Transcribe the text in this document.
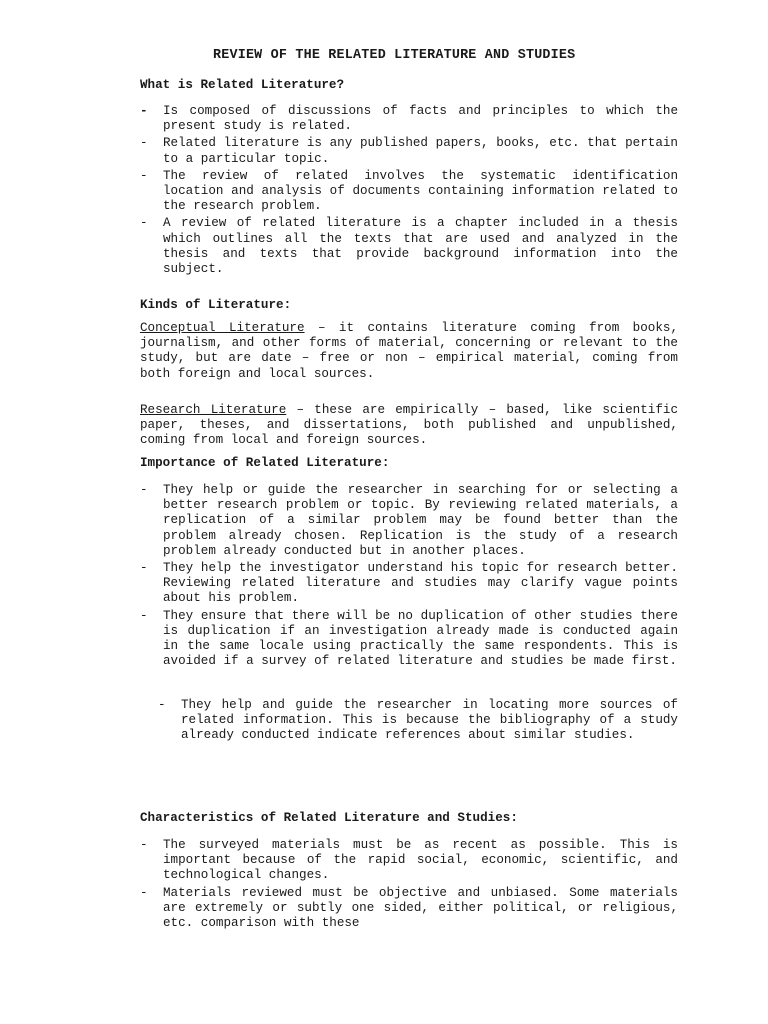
REVIEW OF THE RELATED LITERATURE AND STUDIES
What is Related Literature?
- Is composed of discussions of facts and principles to which the present study is related.
- Related literature is any published papers, books, etc. that pertain to a particular topic.
- The review of related involves the systematic identification location and analysis of documents containing information related to the research problem.
- A review of related literature is a chapter included in a thesis which outlines all the texts that are used and analyzed in the thesis and texts that provide background information into the subject.
Kinds of Literature:

Conceptual Literature – it contains literature coming from books, journalism, and other forms of material, concerning or relevant to the study, but are date – free or non – empirical material, coming from both foreign and local sources.

Research Literature – these are empirically – based, like scientific paper, theses, and dissertations, both published and unpublished, coming from local and foreign sources.

Importance of Related Literature:
- They help or guide the researcher in searching for or selecting a better research problem or topic. By reviewing related materials, a replication of a similar problem may be found better than the problem already chosen. Replication is the study of a research problem already conducted but in another places.
- They help the investigator understand his topic for research better. Reviewing related literature and studies may clarify vague points about his problem.
- They ensure that there will be no duplication of other studies there is duplication if an investigation already made is conducted again in the same locale using practically the same respondents. This is avoided if a survey of related literature and studies be made first.
- They help and guide the researcher in locating more sources of related information. This is because the bibliography of a study already conducted indicate references about similar studies.
Characteristics of Related Literature and Studies:
- The surveyed materials must be as recent as possible. This is important because of the rapid social, economic, scientific, and technological changes.
- Materials reviewed must be objective and unbiased. Some materials are extremely or subtly one sided, either political, or religious, etc. comparison with these
